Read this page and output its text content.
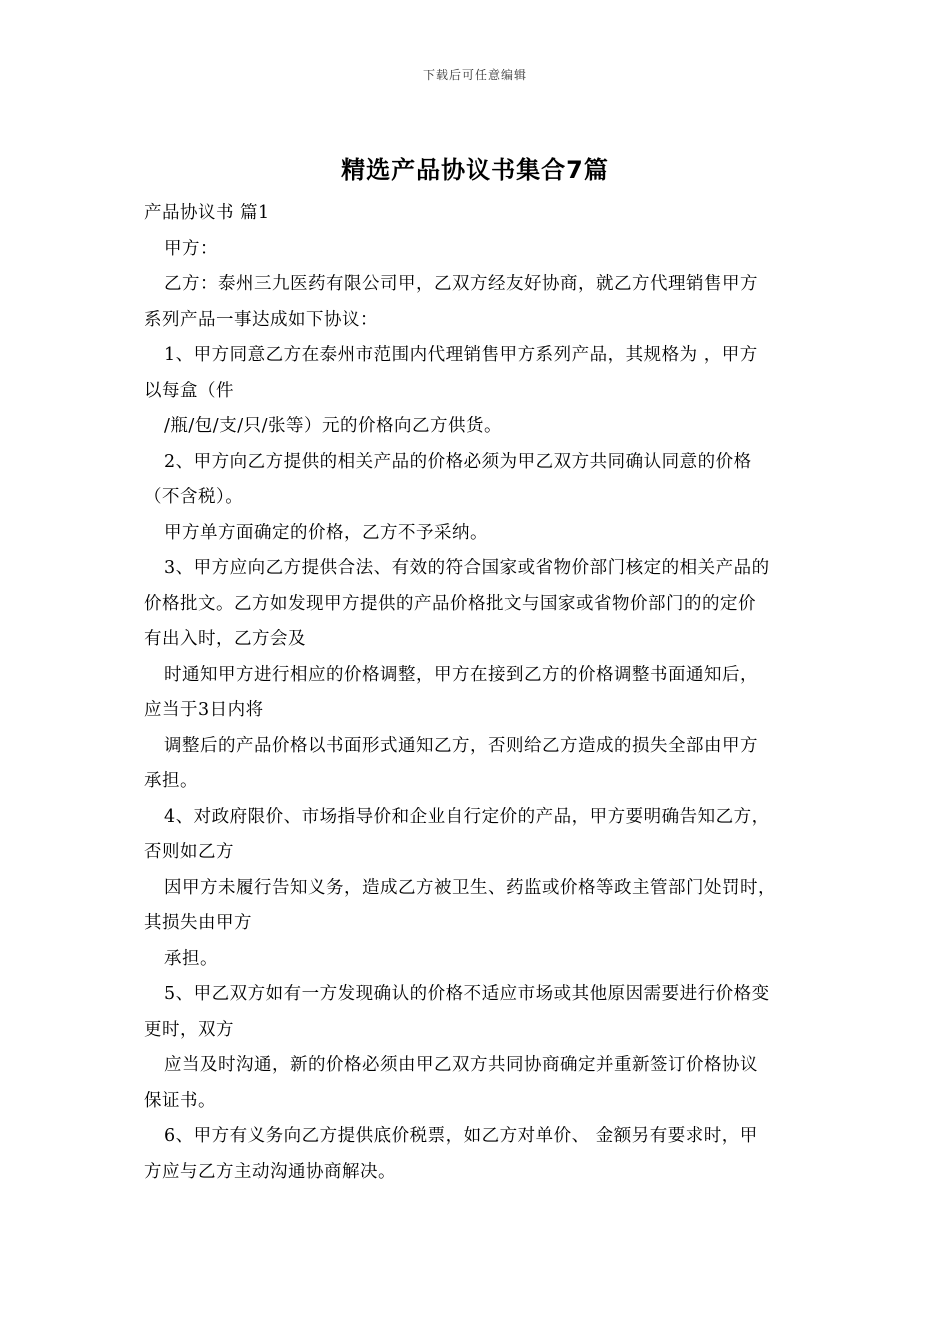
下载后可任意编辑
精选产品协议书集合7篇
产品协议书 篇1
甲方：
乙方：泰州三九医药有限公司甲，乙双方经友好协商，就乙方代理销售甲方
系列产品一事达成如下协议：
1、甲方同意乙方在泰州市范围内代理销售甲方系列产品，其规格为 ，甲方
以每盒（件
/瓶/包/支/只/张等）元的价格向乙方供货。
2、甲方向乙方提供的相关产品的价格必须为甲乙双方共同确认同意的价格
（不含税）。
甲方单方面确定的价格，乙方不予采纳。
3、甲方应向乙方提供合法、有效的符合国家或省物价部门核定的相关产品的
价格批文。乙方如发现甲方提供的产品价格批文与国家或省物价部门的的定价
有出入时，乙方会及
时通知甲方进行相应的价格调整，甲方在接到乙方的价格调整书面通知后，
应当于3日内将
调整后的产品价格以书面形式通知乙方，否则给乙方造成的损失全部由甲方
承担。
4、对政府限价、市场指导价和企业自行定价的产品，甲方要明确告知乙方，
否则如乙方
因甲方未履行告知义务，造成乙方被卫生、药监或价格等政主管部门处罚时，
其损失由甲方
承担。
5、甲乙双方如有一方发现确认的价格不适应市场或其他原因需要进行价格变
更时，双方
应当及时沟通，新的价格必须由甲乙双方共同协商确定并重新签订价格协议
保证书。
6、甲方有义务向乙方提供底价税票，如乙方对单价、 金额另有要求时，甲
方应与乙方主动沟通协商解决。
